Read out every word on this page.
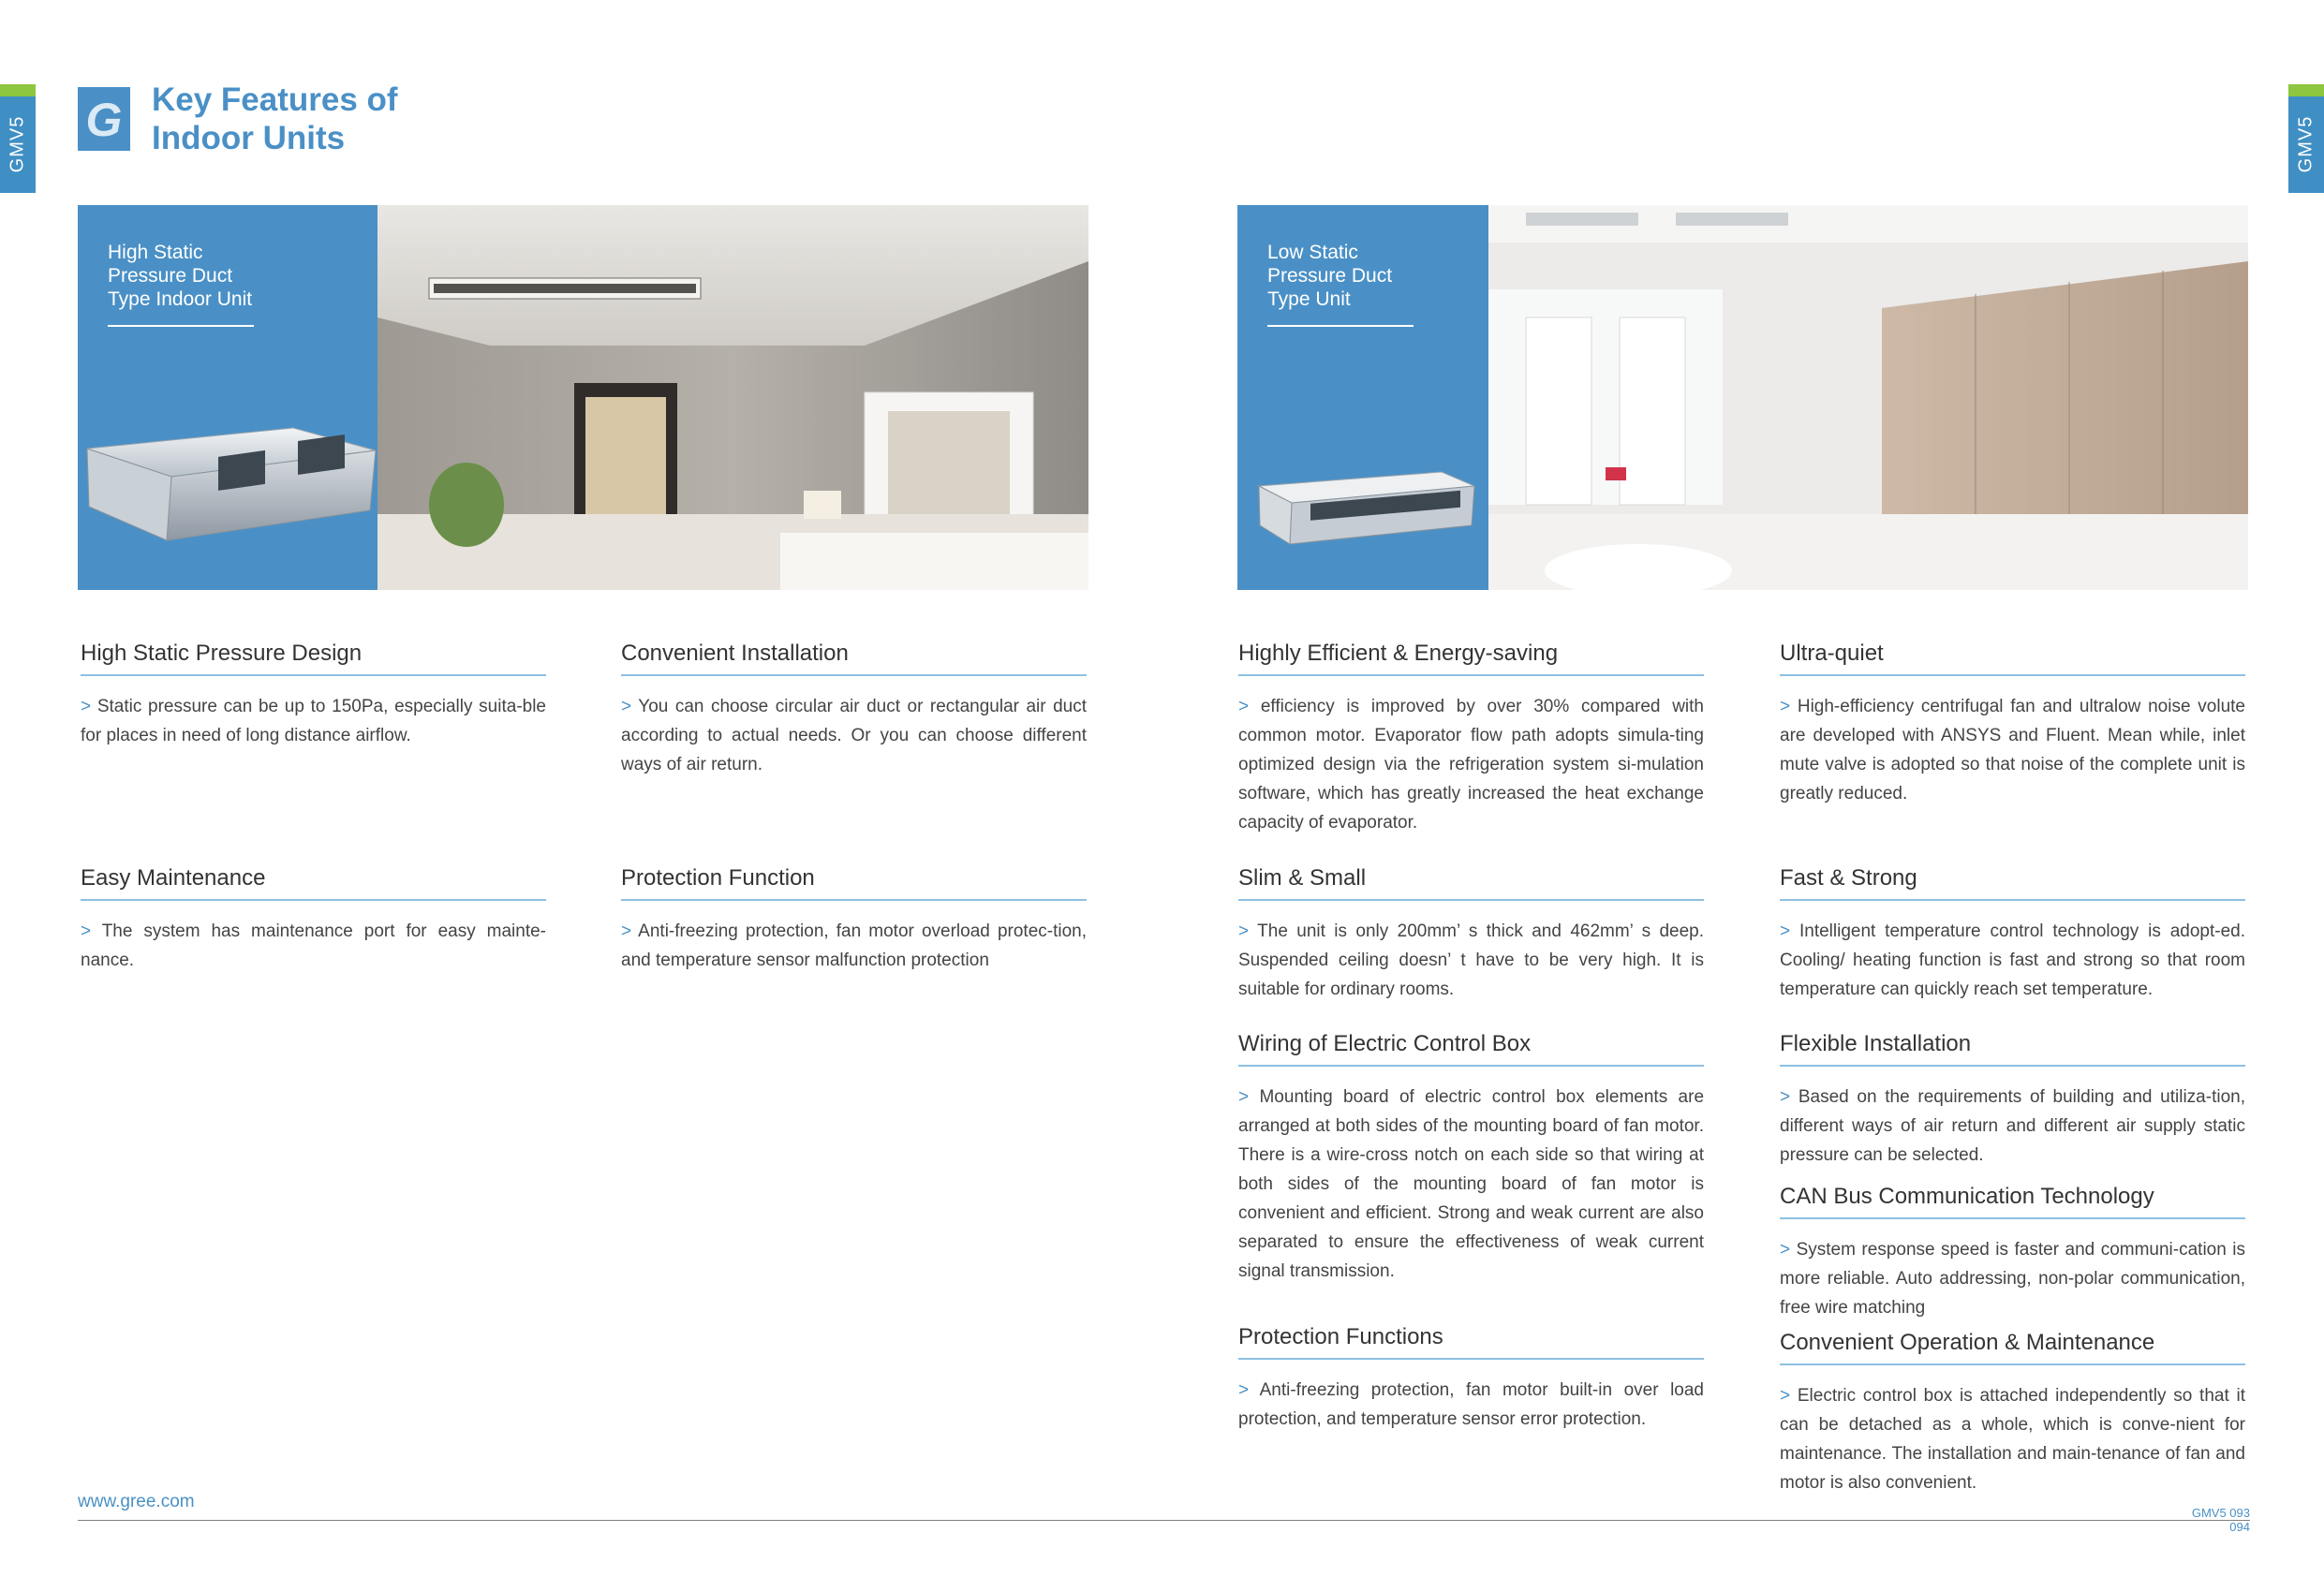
GMV5	GMV5
G Key Features of
Indoor Units
High Static
Pressure Duct
Type Indoor Unit
Low Static
Pressure Duct
Type Unit
High Static Pressure Design

> Static pressure can be up to 150Pa, especially suita-ble for places in need of long distance airflow.

Convenient Installation

> You can choose circular air duct or rectangular air duct according to actual needs. Or you can choose different ways of air return.

Easy Maintenance

> The system has maintenance port for easy mainte-nance.

Protection Function

> Anti-freezing protection, fan motor overload protec-tion, and temperature sensor malfunction protection

Highly Efficient & Energy-saving

> efficiency is improved by over 30% compared with common motor. Evaporator flow path adopts simula-ting optimized design via the refrigeration system si-mulation software, which has greatly increased the heat exchange capacity of evaporator.

Ultra-quiet

> High-efficiency centrifugal fan and ultralow noise volute are developed with ANSYS and Fluent. Mean while, inlet mute valve is adopted so that noise of the complete unit is greatly reduced.

Slim & Small

> The unit is only 200mm’ s thick and 462mm’ s deep. Suspended ceiling doesn’ t have to be very high. It is suitable for ordinary rooms.

Fast & Strong

> Intelligent temperature control technology is adopt-ed. Cooling/ heating function is fast and strong so that room temperature can quickly reach set temperature.

Wiring of Electric Control Box

> Mounting board of electric control box elements are arranged at both sides of the mounting board of fan motor. There is a wire-cross notch on each side so that wiring at both sides of the mounting board of fan motor is convenient and efficient. Strong and weak current are also separated to ensure the effectiveness of weak current signal transmission.

Flexible Installation

> Based on the requirements of building and utiliza-tion, different ways of air return and different air supply static pressure can be selected.

CAN Bus Communication Technology

> System response speed is faster and communi-cation is more reliable. Auto addressing, non-polar communication, free wire matching

Protection Functions

> Anti-freezing protection, fan motor built-in over load protection, and temperature sensor error protection.

Convenient Operation & Maintenance

> Electric control box is attached independently so that it can be detached as a whole, which is conve-nient for maintenance. The installation and main-tenance of fan and motor is also convenient.

www.gree.com
GMV5 093
094
